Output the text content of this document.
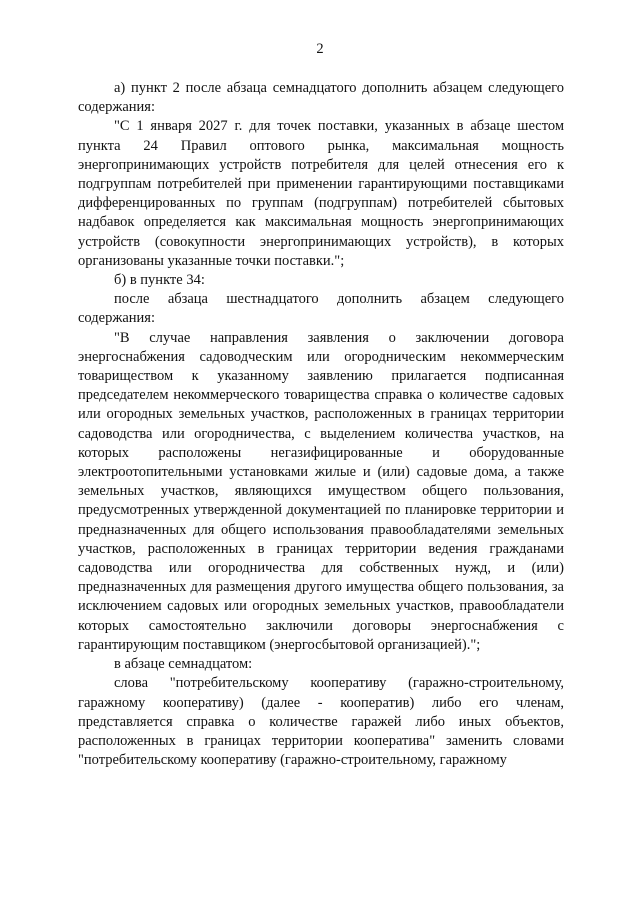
2

а) пункт 2 после абзаца семнадцатого дополнить абзацем следующего содержания:

"С 1 января 2027 г. для точек поставки, указанных в абзаце шестом пункта 24 Правил оптового рынка, максимальная мощность энергопринимающих устройств потребителя для целей отнесения его к подгруппам потребителей при применении гарантирующими поставщиками дифференцированных по группам (подгруппам) потребителей сбытовых надбавок определяется как максимальная мощность энергопринимающих устройств (совокупности энергопринимающих устройств), в которых организованы указанные точки поставки.";

б) в пункте 34:

после абзаца шестнадцатого дополнить абзацем следующего содержания:

"В случае направления заявления о заключении договора энергоснабжения садоводческим или огородническим некоммерческим товариществом к указанному заявлению прилагается подписанная председателем некоммерческого товарищества справка о количестве садовых или огородных земельных участков, расположенных в границах территории садоводства или огородничества, с выделением количества участков, на которых расположены негазифицированные и оборудованные электроотопительными установками жилые и (или) садовые дома, а также земельных участков, являющихся имуществом общего пользования, предусмотренных утвержденной документацией по планировке территории и предназначенных для общего использования правообладателями земельных участков, расположенных в границах территории ведения гражданами садоводства или огородничества для собственных нужд, и (или) предназначенных для размещения другого имущества общего пользования, за исключением садовых или огородных земельных участков, правообладатели которых самостоятельно заключили договоры энергоснабжения с гарантирующим поставщиком (энергосбытовой организацией).";

в абзаце семнадцатом:

слова "потребительскому кооперативу (гаражно-строительному, гаражному кооперативу) (далее - кооператив) либо его членам, представляется справка о количестве гаражей либо иных объектов, расположенных в границах территории кооператива" заменить словами "потребительскому кооперативу (гаражно-строительному, гаражному
